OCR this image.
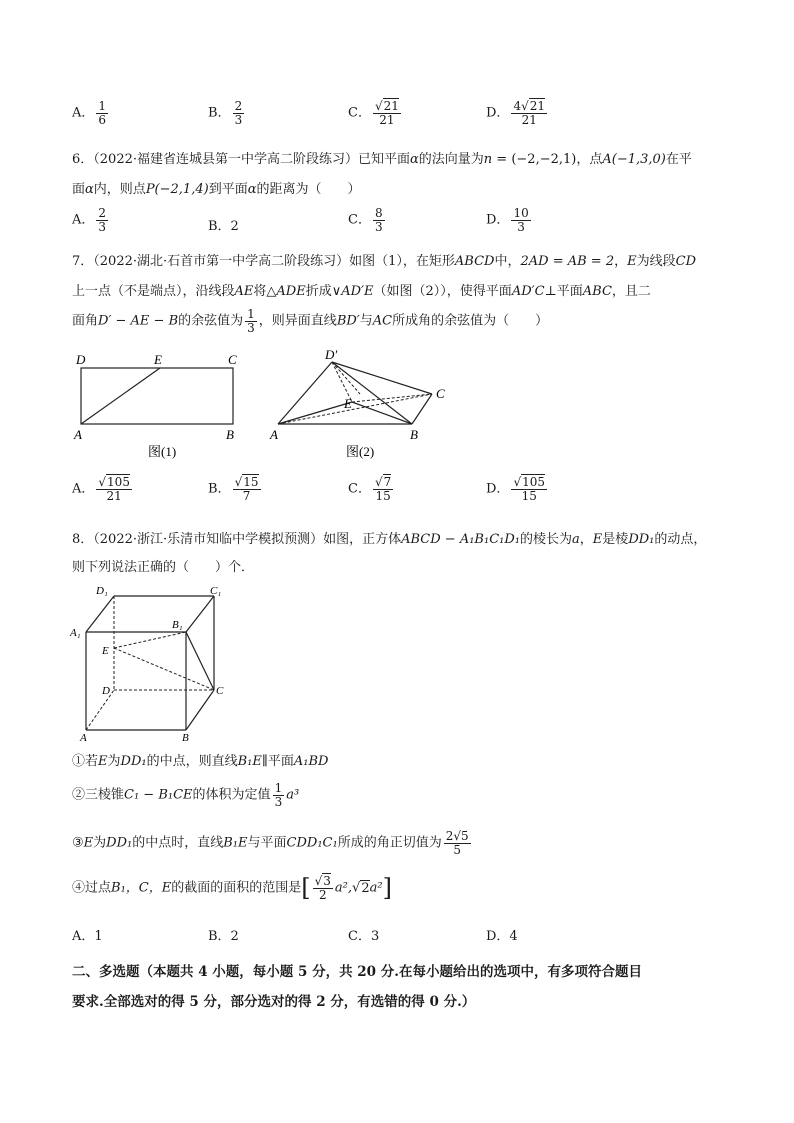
A． $\frac{1}{6}$	B． $\frac{2}{3}$	C． $\frac{√21}{21}$	D． $\frac{4√21}{21}$
6．（2022·福建省连城县第一中学高二阶段练习）已知平面α的法向量为n = (−2,−2,1)，点A(−1,3,0)在平
面α内，则点P(−2,1,4)到平面α的距离为（　　）
A． $\frac{2}{3}$	B．2	C． $\frac{8}{3}$	D． $\frac{10}{3}$
7．（2022·湖北·石首市第一中学高二阶段练习）如图（1），在矩形ABCD中，2AD = AB = 2，E为线段CD
上一点（不是端点），沿线段AE将△ADE折成∨AD′E（如图（2）），使得平面AD′C⊥平面ABC，且二
面角D′ − AE − B的余弦值为 $\frac{1}{3}$ ，则异面直线BD′与AC所成角的余弦值为（　　）
D	E	C
A	B
图(1)
D′
E
C
A	B
图(2)
A． $\frac{√105}{21}$	B． $\frac{√15}{7}$	C． $\frac{√7}{15}$	D． $\frac{√105}{15}$
8．（2022·浙江·乐清市知临中学模拟预测）如图，正方体ABCD − A₁B₁C₁D₁的棱长为a，E是棱DD₁的动点，
则下列说法正确的（　　）个．
D₁	C₁
A₁
B₁
E
D	C
A	B
①若E为DD₁的中点，则直线B₁E∥平面A₁BD
②三棱锥C₁ − B₁CE的体积为定值 $\frac{1}{3} a^3$
③E为DD₁的中点时，直线B₁E与平面CDD₁C₁所成的角正切值为 $\frac{2√5}{5}$
④过点B₁，C，E的截面的面积的范围是[ $\frac{√3}{2} a^2,√2a^2$]
A．1	B．2	C．3	D．4
二、多选题（本题共 4 小题，每小题 5 分，共 20 分.在每小题给出的选项中，有多项符合题目
要求.全部选对的得 5 分，部分选对的得 2 分，有选错的得 0 分.）
